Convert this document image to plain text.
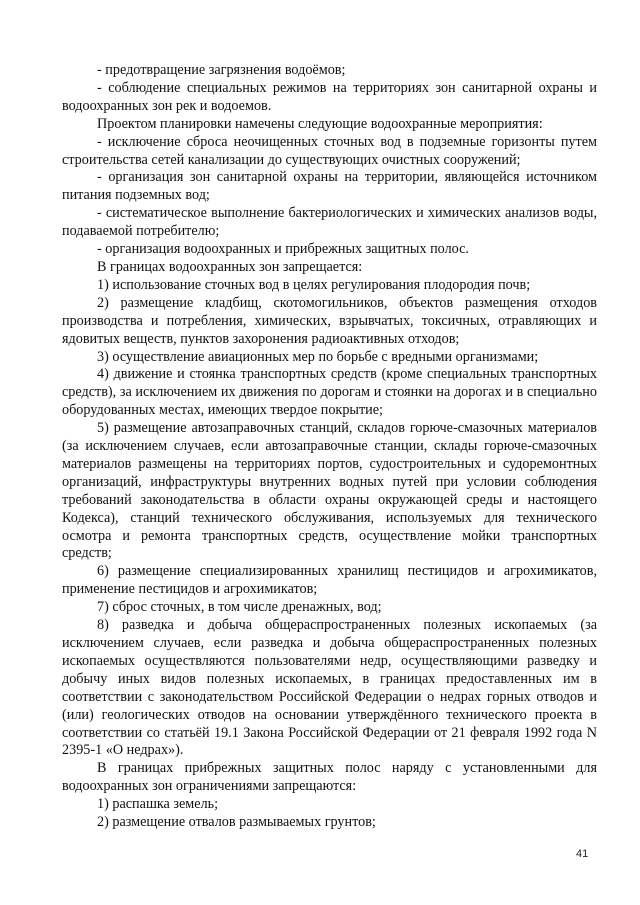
- предотвращение загрязнения водоёмов;

- соблюдение специальных режимов на территориях зон санитарной охраны и водоохранных зон рек и водоемов.

Проектом планировки намечены следующие водоохранные мероприятия:

- исключение сброса неочищенных сточных вод в подземные горизонты путем строительства сетей канализации до существующих очистных сооружений;

- организация зон санитарной охраны на территории, являющейся источником питания подземных вод;

- систематическое выполнение бактериологических и химических анализов воды, подаваемой потребителю;

- организация водоохранных и прибрежных защитных полос.

В границах водоохранных зон запрещается:

1) использование сточных вод в целях регулирования плодородия почв;

2) размещение кладбищ, скотомогильников, объектов размещения отходов производства и потребления, химических, взрывчатых, токсичных, отравляющих и ядовитых веществ, пунктов захоронения радиоактивных отходов;

3) осуществление авиационных мер по борьбе с вредными организмами;

4) движение и стоянка транспортных средств (кроме специальных транспортных средств), за исключением их движения по дорогам и стоянки на дорогах и в специально оборудованных местах, имеющих твердое покрытие;

5) размещение автозаправочных станций, складов горюче-смазочных материалов (за исключением случаев, если автозаправочные станции, склады горюче-смазочных материалов размещены на территориях портов, судостроительных и судоремонтных организаций, инфраструктуры внутренних водных путей при условии соблюдения требований законодательства в области охраны окружающей среды и настоящего Кодекса), станций технического обслуживания, используемых для технического осмотра и ремонта транспортных средств, осуществление мойки транспортных средств;

6) размещение специализированных хранилищ пестицидов и агрохимикатов, применение пестицидов и агрохимикатов;

7) сброс сточных, в том числе дренажных, вод;

8) разведка и добыча общераспространенных полезных ископаемых (за исключением случаев, если разведка и добыча общераспространенных полезных ископаемых осуществляются пользователями недр, осуществляющими разведку и добычу иных видов полезных ископаемых, в границах предоставленных им в соответствии с законодательством Российской Федерации о недрах горных отводов и (или) геологических отводов на основании утверждённого технического проекта в соответствии со статьёй 19.1 Закона Российской Федерации от 21 февраля 1992 года N 2395-1 «О недрах»).

В границах прибрежных защитных полос наряду с установленными для водоохранных зон ограничениями запрещаются:

1) распашка земель;

2) размещение отвалов размываемых грунтов;

41
